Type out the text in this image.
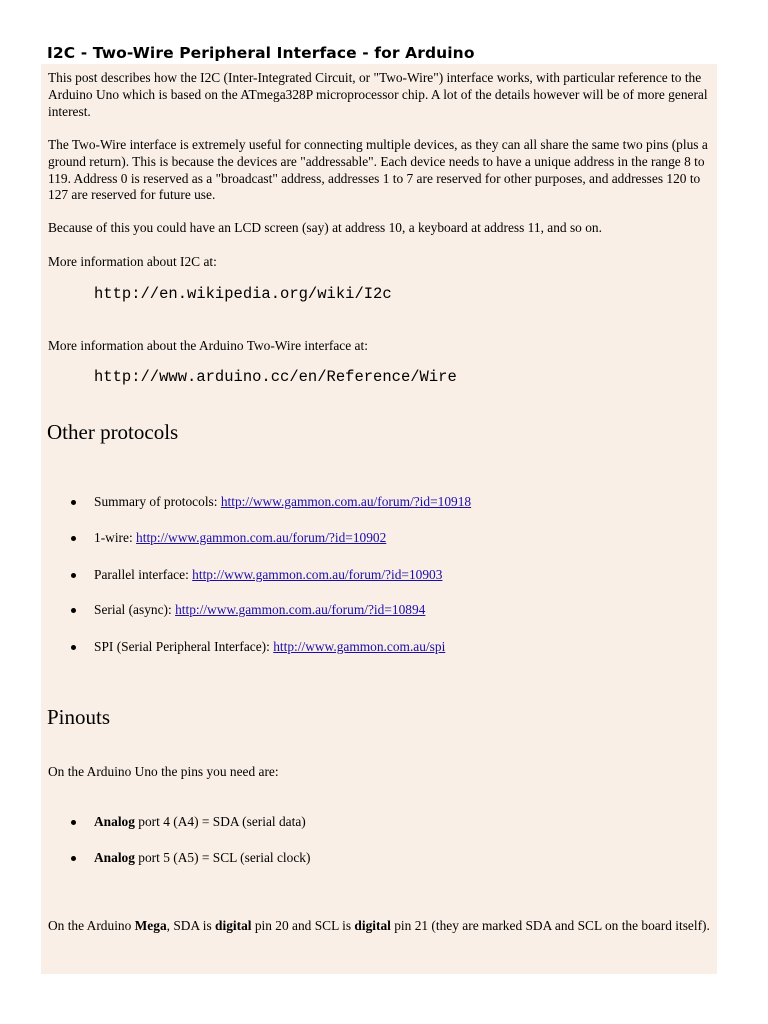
I2C - Two-Wire Peripheral Interface - for Arduino

This post describes how the I2C (Inter-Integrated Circuit, or "Two-Wire") interface works, with particular reference to the Arduino Uno which is based on the ATmega328P microprocessor chip. A lot of the details however will be of more general interest.

The Two-Wire interface is extremely useful for connecting multiple devices, as they can all share the same two pins (plus a ground return). This is because the devices are "addressable". Each device needs to have a unique address in the range 8 to 119. Address 0 is reserved as a "broadcast" address, addresses 1 to 7 are reserved for other purposes, and addresses 120 to 127 are reserved for future use.

Because of this you could have an LCD screen (say) at address 10, a keyboard at address 11, and so on.

More information about I2C at:

http://en.wikipedia.org/wiki/I2c

More information about the Arduino Two-Wire interface at:

http://www.arduino.cc/en/Reference/Wire

Other protocols
Summary of protocols: http://www.gammon.com.au/forum/?id=10918
1-wire: http://www.gammon.com.au/forum/?id=10902
Parallel interface: http://www.gammon.com.au/forum/?id=10903
Serial (async): http://www.gammon.com.au/forum/?id=10894
SPI (Serial Peripheral Interface): http://www.gammon.com.au/spi
Pinouts

On the Arduino Uno the pins you need are:

Analog port 4 (A4) = SDA (serial data)
Analog port 5 (A5) = SCL (serial clock)

On the Arduino Mega, SDA is digital pin 20 and SCL is digital pin 21 (they are marked SDA and SCL on the board itself).
